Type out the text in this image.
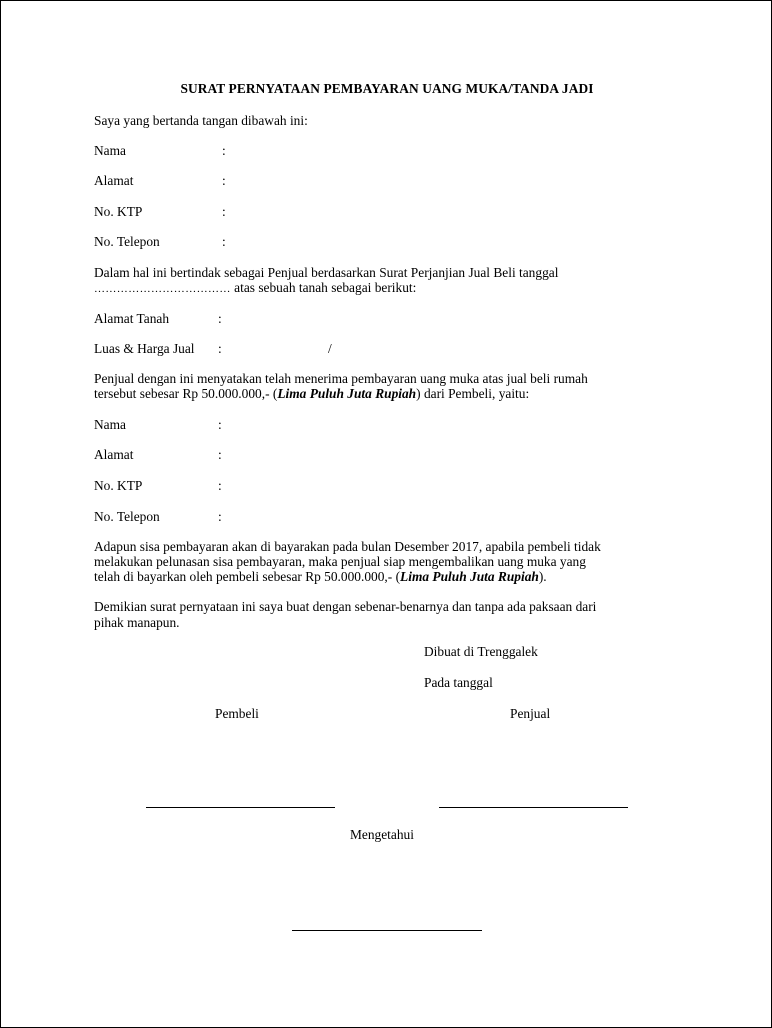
SURAT PERNYATAAN PEMBAYARAN UANG MUKA/TANDA JADI
Saya yang bertanda tangan dibawah ini:
Nama	:
Alamat	:
No. KTP	:
No. Telepon	:
Dalam hal ini bertindak sebagai Penjual berdasarkan Surat Perjanjian Jual Beli tanggal
……………………………… atas sebuah tanah sebagai berikut:
Alamat Tanah	:
Luas & Harga Jual :	/
Penjual dengan ini menyatakan telah menerima pembayaran uang muka atas jual beli rumah
tersebut sebesar Rp 50.000.000,- (Lima Puluh Juta Rupiah) dari Pembeli, yaitu:
Nama	:
Alamat	:
No. KTP	:
No. Telepon	:
Adapun sisa pembayaran akan di bayarakan pada bulan Desember 2017, apabila pembeli tidak
melakukan pelunasan sisa pembayaran, maka penjual siap mengembalikan uang muka yang
telah di bayarkan oleh pembeli sebesar Rp 50.000.000,- (Lima Puluh Juta Rupiah).
Demikian surat pernyataan ini saya buat dengan sebenar-benarnya dan tanpa ada paksaan dari
pihak manapun.
Dibuat di Trenggalek
Pada tanggal
Pembeli	Penjual
Mengetahui
